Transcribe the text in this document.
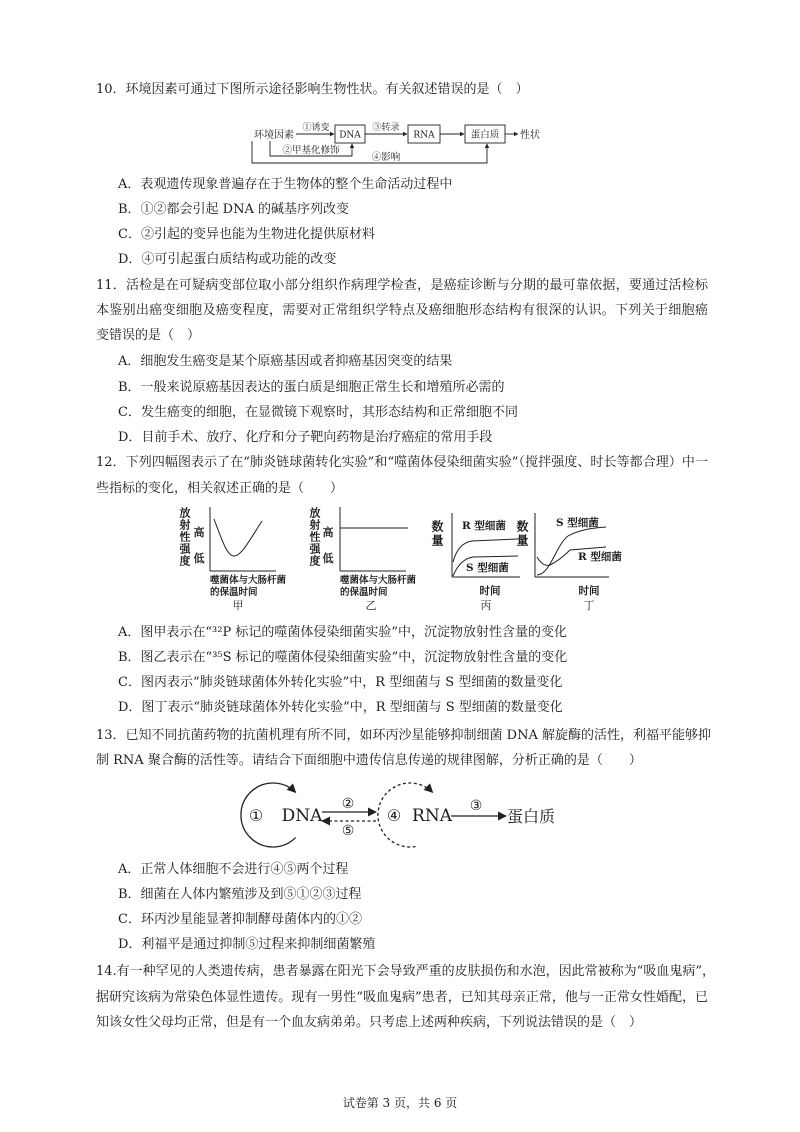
10．环境因素可通过下图所示途径影响生物性状。有关叙述错误的是（　）
环境因素
①诱变
DNA
③转录
RNA	蛋白质 性状
②甲基化修饰
④影响
A．表观遗传现象普遍存在于生物体的整个生命活动过程中
B．①②都会引起 DNA 的碱基序列改变
C．②引起的变异也能为生物进化提供原材料
D．④可引起蛋白质结构或功能的改变
11．活检是在可疑病变部位取小部分组织作病理学检查，是癌症诊断与分期的最可靠依据，要通过活检标
本鉴别出癌变细胞及癌变程度，需要对正常组织学特点及癌细胞形态结构有很深的认识。下列关于细胞癌
变错误的是（　）
A．细胞发生癌变是某个原癌基因或者抑癌基因突变的结果
B．一般来说原癌基因表达的蛋白质是细胞正常生长和增殖所必需的
C．发生癌变的细胞，在显微镜下观察时，其形态结构和正常细胞不同
D．目前手术、放疗、化疗和分子靶向药物是治疗癌症的常用手段
12．下列四幅图表示了在“肺炎链球菌转化实验”和“噬菌体侵染细菌实验”（搅拌强度、时长等都合理）中一
些指标的变化，相关叙述正确的是（　　）
放射性强度	放射性强度	数量	数量
高
低
噬菌体与大肠杆菌
的保温时间
甲
高
低
噬菌体与大肠杆菌
的保温时间
乙
R 型细菌
S 型细菌
时间
丙
S 型细菌
R 型细菌
时间
丁
A．图甲表示在“³²P 标记的噬菌体侵染细菌实验”中，沉淀物放射性含量的变化
B．图乙表示在“³⁵S 标记的噬菌体侵染细菌实验”中，沉淀物放射性含量的变化
C．图丙表示“肺炎链球菌体外转化实验”中，R 型细菌与 S 型细菌的数量变化
D．图丁表示“肺炎链球菌体外转化实验”中，R 型细菌与 S 型细菌的数量变化
13．已知不同抗菌药物的抗菌机理有所不同，如环丙沙星能够抑制细菌 DNA 解旋酶的活性，利福平能够抑
制 RNA 聚合酶的活性等。请结合下面细胞中遗传信息传递的规律图解，分析正确的是（　　）
① DNA
②
⑤
④ RNA ③
蛋白质
A．正常人体细胞不会进行④⑤两个过程
B．细菌在人体内繁殖涉及到⑤①②③过程
C．环丙沙星能显著抑制酵母菌体内的①②
D．利福平是通过抑制⑤过程来抑制细菌繁殖
14.有一种罕见的人类遗传病，患者暴露在阳光下会导致严重的皮肤损伤和水泡，因此常被称为“吸血鬼病”，
据研究该病为常染色体显性遗传。现有一男性“吸血鬼病”患者，已知其母亲正常，他与一正常女性婚配，已
知该女性父母均正常，但是有一个血友病弟弟。只考虑上述两种疾病，下列说法错误的是（　）
试卷第 3 页，共 6 页
